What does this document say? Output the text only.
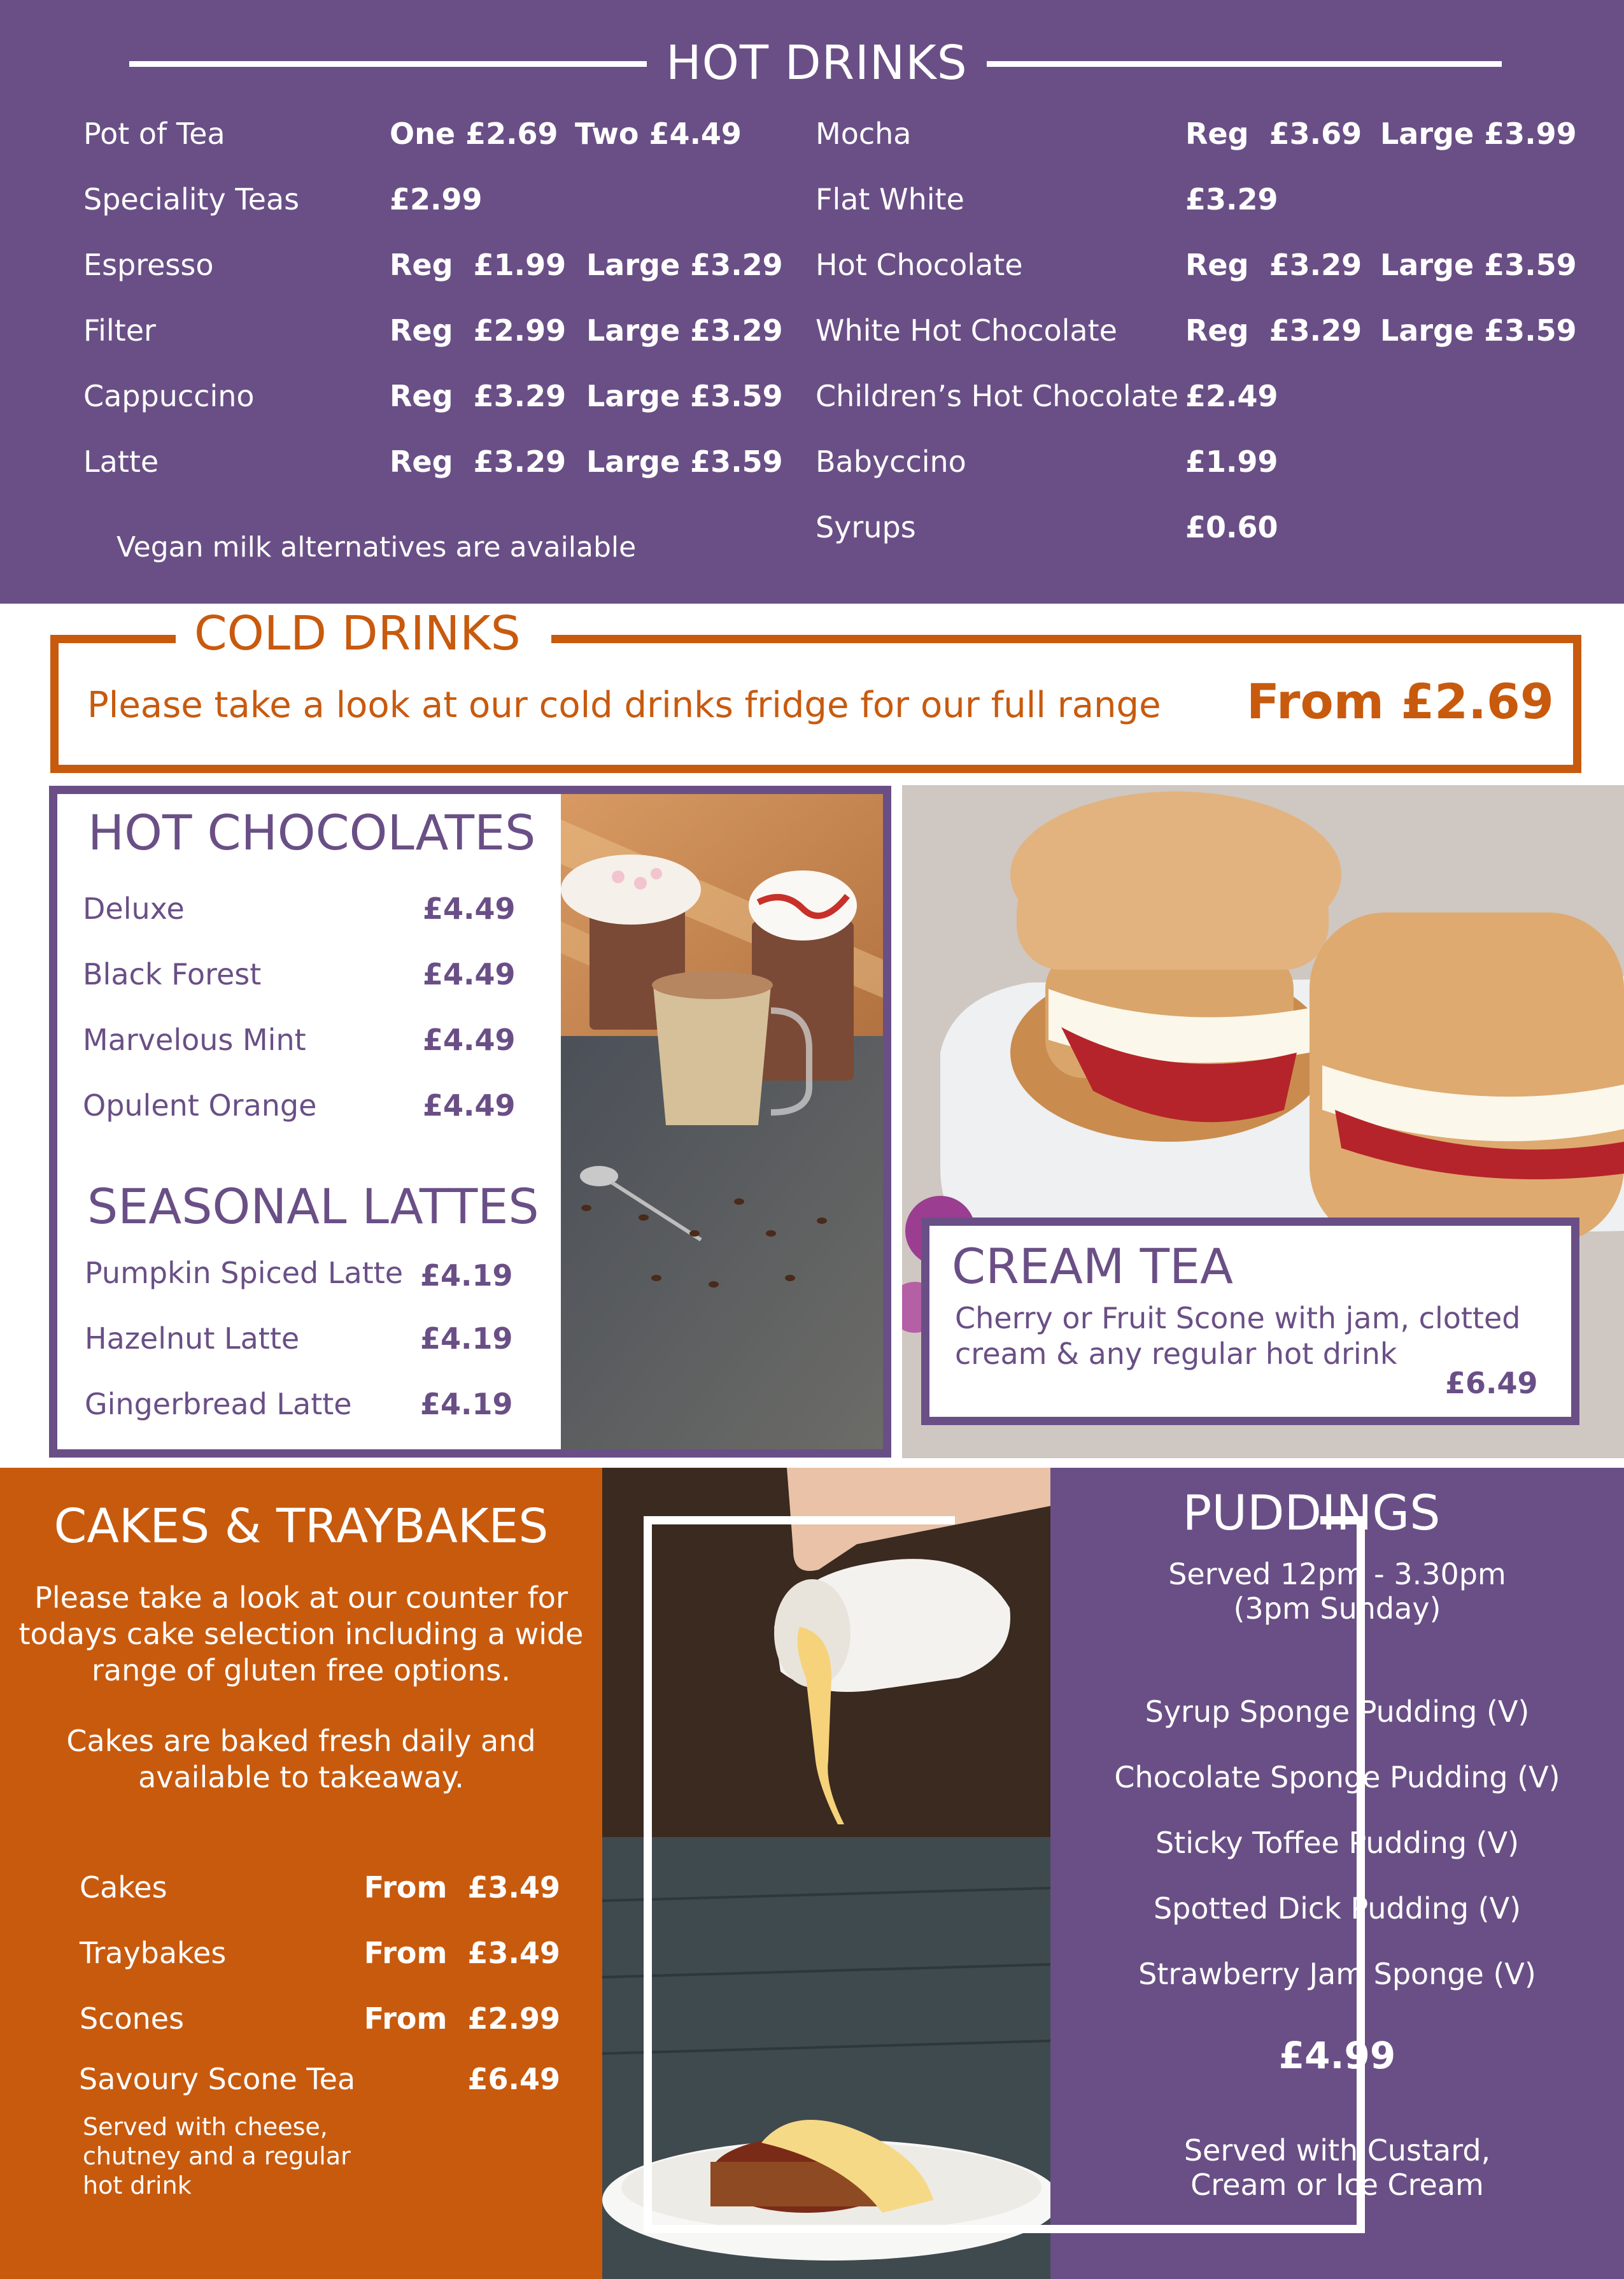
HOT DRINKS
Pot of Tea	One £2.69 Two £4.49
Speciality Teas	£2.99
Espresso	Reg  £1.99 Large £3.29
Filter	Reg  £2.99 Large £3.29
Cappuccino	Reg  £3.29 Large £3.59
Latte	Reg  £3.29 Large £3.59
Vegan milk alternatives are available
Mocha	Reg  £3.69 Large £3.99
Flat White	£3.29
Hot Chocolate	Reg  £3.29 Large £3.59
White Hot Chocolate Reg  £3.29 Large £3.59
Children’s Hot Chocolate £2.49
Babyccino	£1.99
Syrups	£0.60
COLD DRINKS
Please take a look at our cold drinks fridge for our full range From £2.69
HOT CHOCOLATES
Deluxe	£4.49
Black Forest	£4.49
Marvelous Mint	£4.49
Opulent Orange	£4.49
SEASONAL LATTES
Pumpkin Spiced Latte £4.19
Hazelnut Latte	£4.19
Gingerbread Latte £4.19
CREAM TEA
Cherry or Fruit Scone with jam, clotted
cream & any regular hot drink
£6.49
CAKES & TRAYBAKES
Please take a look at our counter for
todays cake selection including a wide
range of gluten free options.
Cakes are baked fresh daily and
available to takeaway.
Cakes	From  £3.49
Traybakes	From  £3.49
Scones	From  £2.99
Savoury Scone Tea	£6.49
Served with cheese,
chutney and a regular
hot drink
PUDDINGS
Served 12pm - 3.30pm
(3pm Sunday)
Syrup Sponge Pudding (V)
Chocolate Sponge Pudding (V)
Sticky Toffee Pudding (V)
Spotted Dick Pudding (V)
Strawberry Jam Sponge (V)
£4.99
Served with Custard,
Cream or Ice Cream
